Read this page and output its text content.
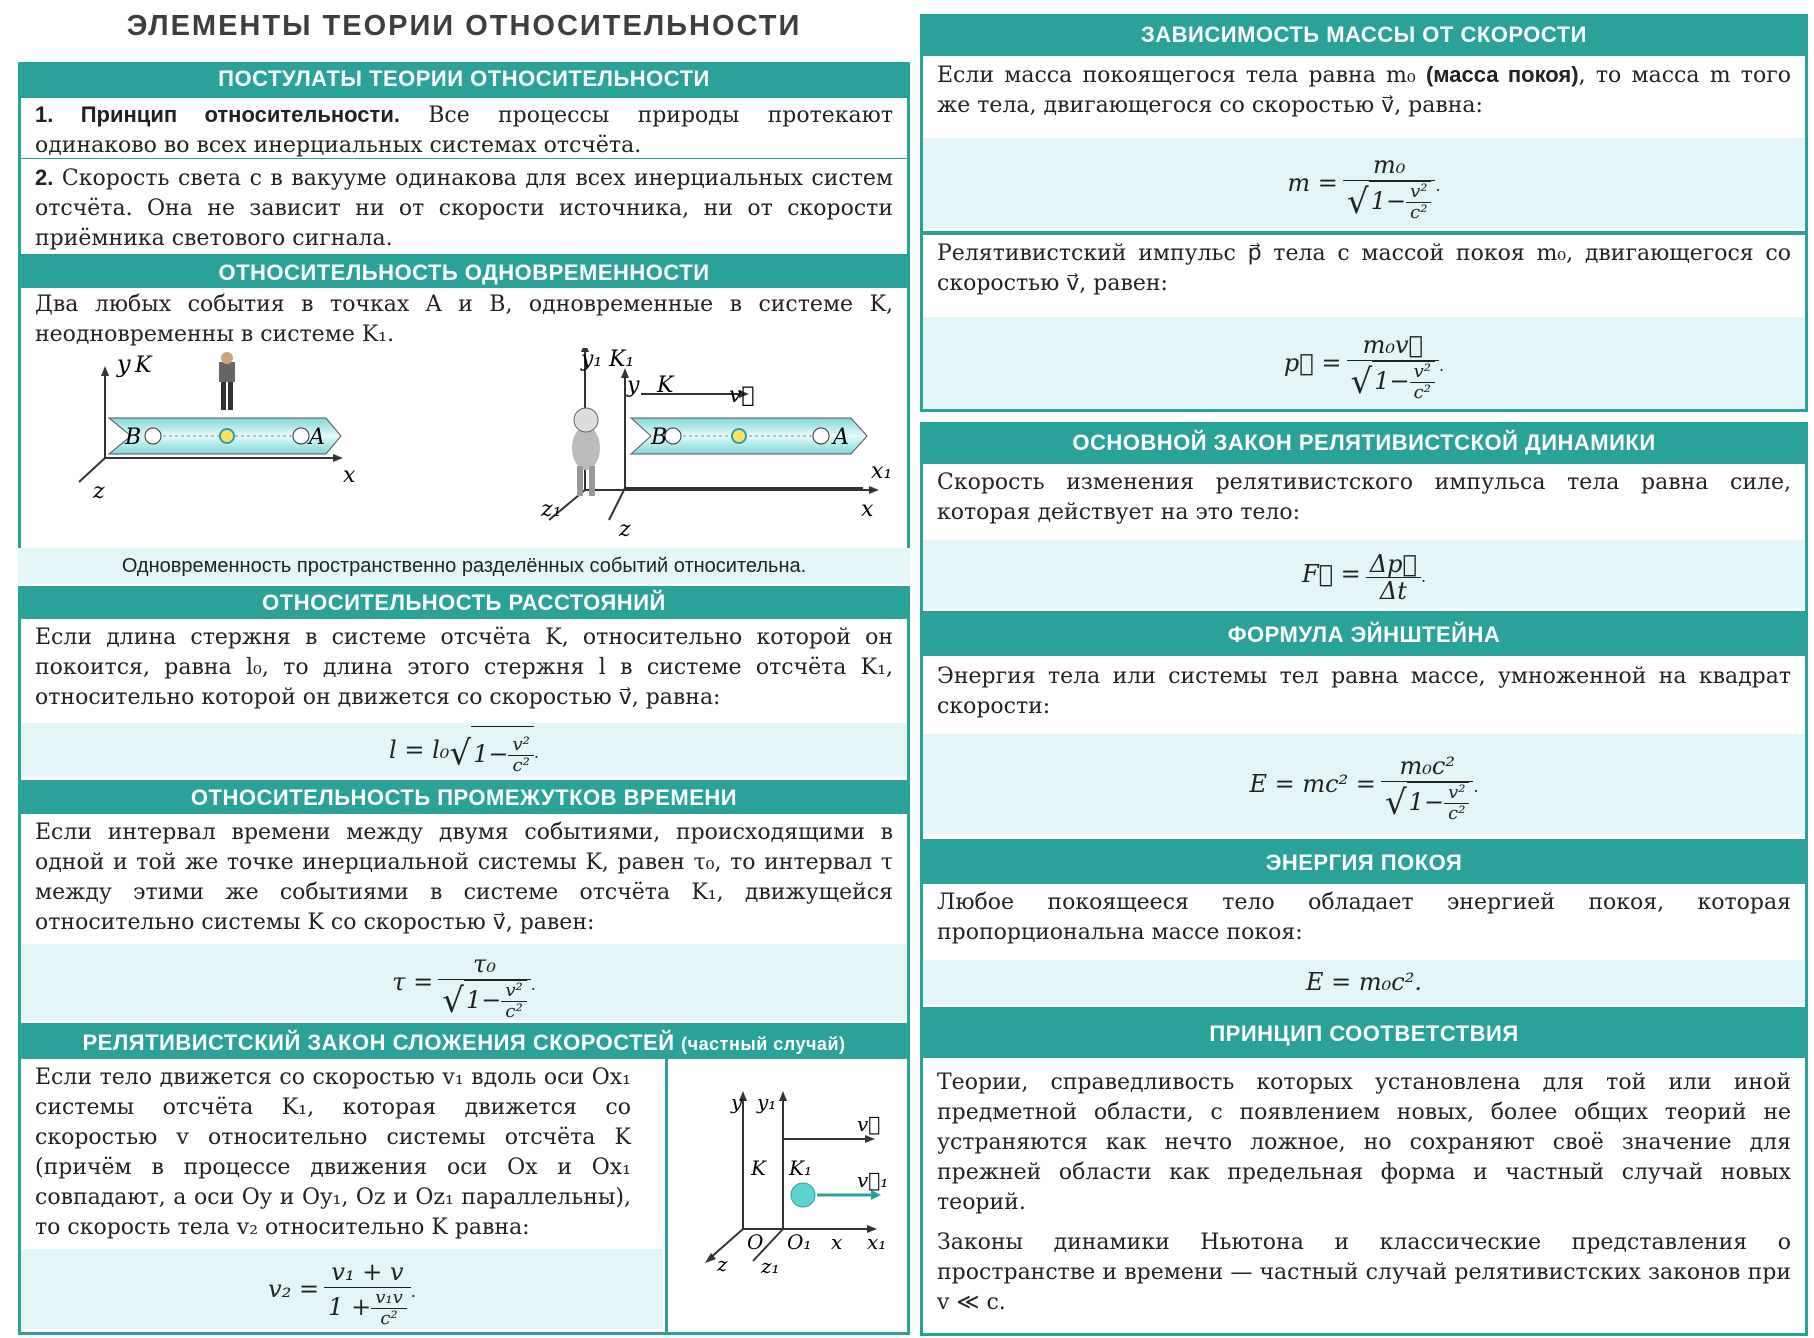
ЭЛЕМЕНТЫ ТЕОРИИ ОТНОСИТЕЛЬНОСТИ
ПОСТУЛАТЫ ТЕОРИИ ОТНОСИТЕЛЬНОСТИ
1. Принцип относительности. Все процессы природы протекают одинаково во всех инерциальных системах отсчёта.
2. Скорость света c в вакууме одинакова для всех инерциальных систем отсчёта. Она не зависит ни от скорости источника, ни от скорости приёмника светового сигнала.
ОТНОСИТЕЛЬНОСТЬ ОДНОВРЕМЕННОСТИ
Два любых события в точках A и B, одновременные в системе K, неодновременны в системе K₁.
y K
B	A
x
z
y₁ K₁
y K	v⃗
B	A
x₁
x
z₁
z
Одновременность пространственно разделённых событий относительна.
ОТНОСИТЕЛЬНОСТЬ РАССТОЯНИЙ
Если длина стержня в системе отсчёта K, относительно которой он покоится, равна l₀, то длина этого стержня l в системе отсчёта K₁, относительно которой он движется со скоростью v⃗, равна:
$l = l_0√1- \frac{\text{v²}}{\text{c²}}$ .
ОТНОСИТЕЛЬНОСТЬ ПРОМЕЖУТКОВ ВРЕМЕНИ
Если интервал времени между двумя событиями, происходящими в одной и той же точке инерциальной системы K, равен τ₀, то интервал τ между этими же событиями в системе отсчёта K₁, движущейся относительно системы K со скоростью v⃗, равен:
$\tau = \frac{\text{τ₀}}{√1- \frac{\text{v²}}{\text{c²}}}$ .
РЕЛЯТИВИСТСКИЙ ЗАКОН СЛОЖЕНИЯ СКОРОСТЕЙ (частный случай)
Если тело движется со скоростью v₁ вдоль оси Ox₁ системы отсчёта K₁, которая движется со скоростью v относительно системы отсчёта K (причём в процессе движения оси Ox и Ox₁ совпадают, а оси Oy и Oy₁, Oz и Oz₁ параллельны), то скорость тела v₂ относительно K равна:
$v_2 = \frac{\text{v₁ + v}}{1 + \frac{\text{v₁v}}{\text{c²}}}$ .
y y₁
K K₁
v⃗
v⃗₁
O O₁ x x₁
z z₁
ЗАВИСИМОСТЬ МАССЫ ОТ СКОРОСТИ
Если масса покоящегося тела равна m₀ (масса покоя), то масса m того же тела, двигающегося со скоростью v⃗, равна:
$m = \frac{\text{m₀}}{√1- \frac{\text{v²}}{\text{c²}}}$ .
Релятивистский импульс p⃗ тела с массой покоя m₀, двигающегося со скоростью v⃗, равен:
p⃗ = $\frac{\text{m₀v⃗}}{√1- \frac{\text{v²}}{\text{c²}}}$ .
ОСНОВНОЙ ЗАКОН РЕЛЯТИВИСТСКОЙ ДИНАМИКИ
Скорость изменения релятивистского импульса тела равна силе, которая действует на это тело:
F⃗ = $\frac{\Delta p⃗}{\Delta t}$ .
ФОРМУЛА ЭЙНШТЕЙНА
Энергия тела или системы тел равна массе, умноженной на квадрат скорости:
$E = mc^2 = \frac{\text{m₀c²}}{√1- \frac{\text{v²}}{\text{c²}}}$ .
ЭНЕРГИЯ ПОКОЯ
Любое покоящееся тело обладает энергией покоя, которая пропорциональна массе покоя:
E = m₀c².
ПРИНЦИП СООТВЕТСТВИЯ
Теории, справедливость которых установлена для той или иной предметной области, с появлением новых, более общих теорий не устраняются как нечто ложное, но сохраняют своё значение для прежней области как предельная форма и частный случай новых теорий.
Законы динамики Ньютона и классические представления о пространстве и времени — частный случай релятивистских законов при v ≪ c.
